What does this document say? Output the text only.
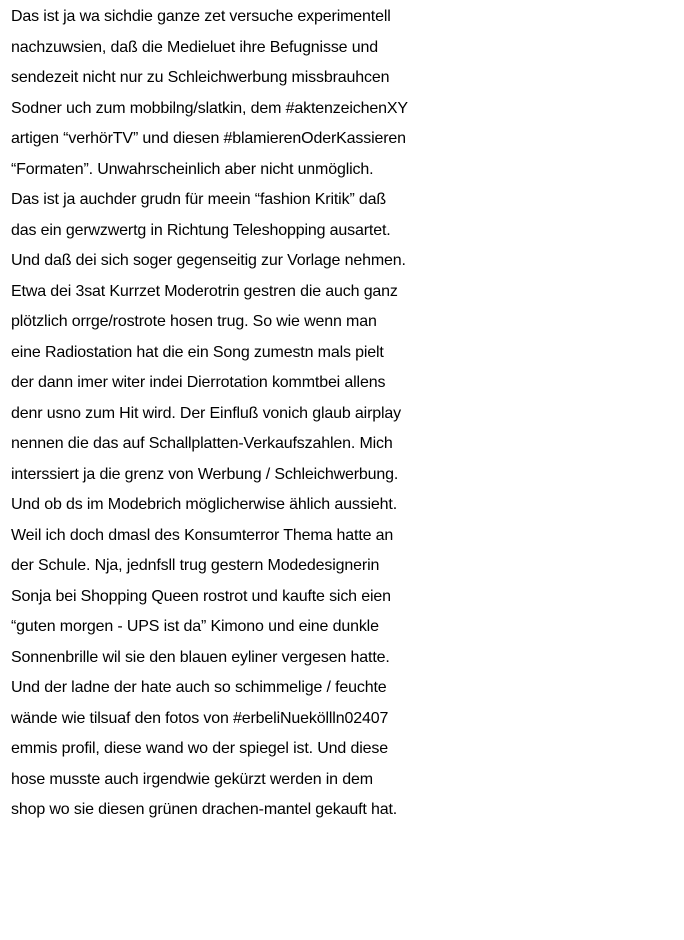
Das ist ja wa sichdie ganze zet versuche experimentell
nachzuwsien, daß die Medieluet ihre Befugnisse und
sendezeit nicht nur zu Schleichwerbung missbrauhcen
Sodner uch zum mobbilng/slatkin, dem #aktenzeichenXY
artigen “verhörTV” und diesen #blamierenOderKassieren
“Formaten”. Unwahrscheinlich aber nicht unmöglich.
Das ist ja auchder grudn für meein “fashion Kritik” daß
das ein gerwzwertg in Richtung Teleshopping ausartet.
Und daß dei sich soger gegenseitig zur Vorlage nehmen.
Etwa dei 3sat Kurrzet Moderotrin gestren die auch ganz
plötzlich orrge/rostrote hosen trug. So wie wenn man
eine Radiostation hat die ein Song zumestn mals pielt
der dann imer witer indei Dierrotation kommtbei allens
denr usno zum Hit wird. Der Einfluß vonich glaub airplay
nennen die das auf Schallplatten-Verkaufszahlen. Mich
interssiert ja die grenz von Werbung / Schleichwerbung.
Und ob ds im Modebrich möglicherwise ählich aussieht.
Weil ich doch dmasl des Konsumterror Thema hatte an
der Schule. Nja, jednfsll trug gestern Modedesignerin
Sonja bei Shopping Queen rostrot und kaufte sich eien
“guten morgen - UPS ist da” Kimono und eine dunkle
Sonnenbrille wil sie den blauen eyliner vergesen hatte.
Und der ladne der hate auch so schimmelige / feuchte
wände wie tilsuaf den fotos von #erbeliNueköllln02407
emmis profil, diese wand wo der spiegel ist. Und diese
hose musste auch irgendwie gekürzt werden in dem
shop wo sie diesen grünen drachen-mantel gekauft hat.
